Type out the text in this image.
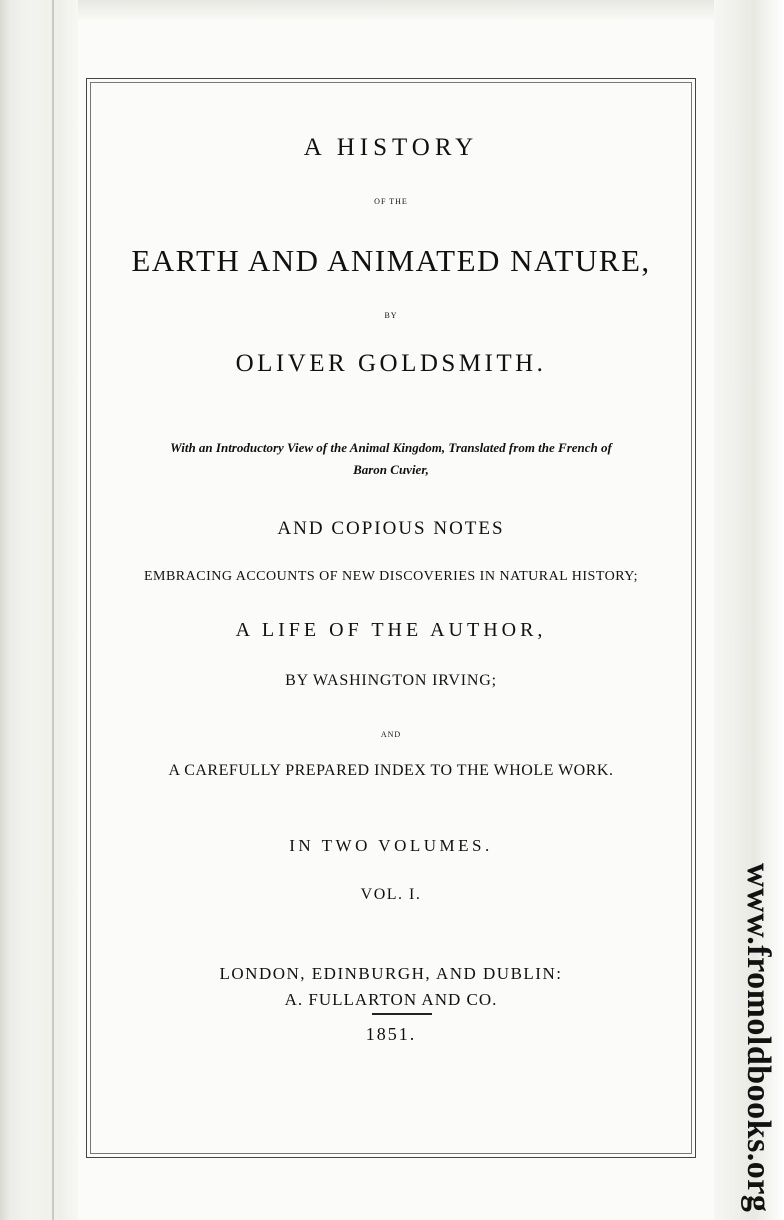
A HISTORY
OF THE
EARTH AND ANIMATED NATURE,
BY
OLIVER GOLDSMITH.
With an Introductory View of the Animal Kingdom, Translated from the French of
Baron Cuvier,
AND COPIOUS NOTES
EMBRACING ACCOUNTS OF NEW DISCOVERIES IN NATURAL HISTORY;
A LIFE OF THE AUTHOR,
BY WASHINGTON IRVING;
AND
A CAREFULLY PREPARED INDEX TO THE WHOLE WORK.
IN TWO VOLUMES.
VOL. I.
LONDON, EDINBURGH, AND DUBLIN:
A. FULLARTON AND CO.
1851.	www.fromoldbooks.org
